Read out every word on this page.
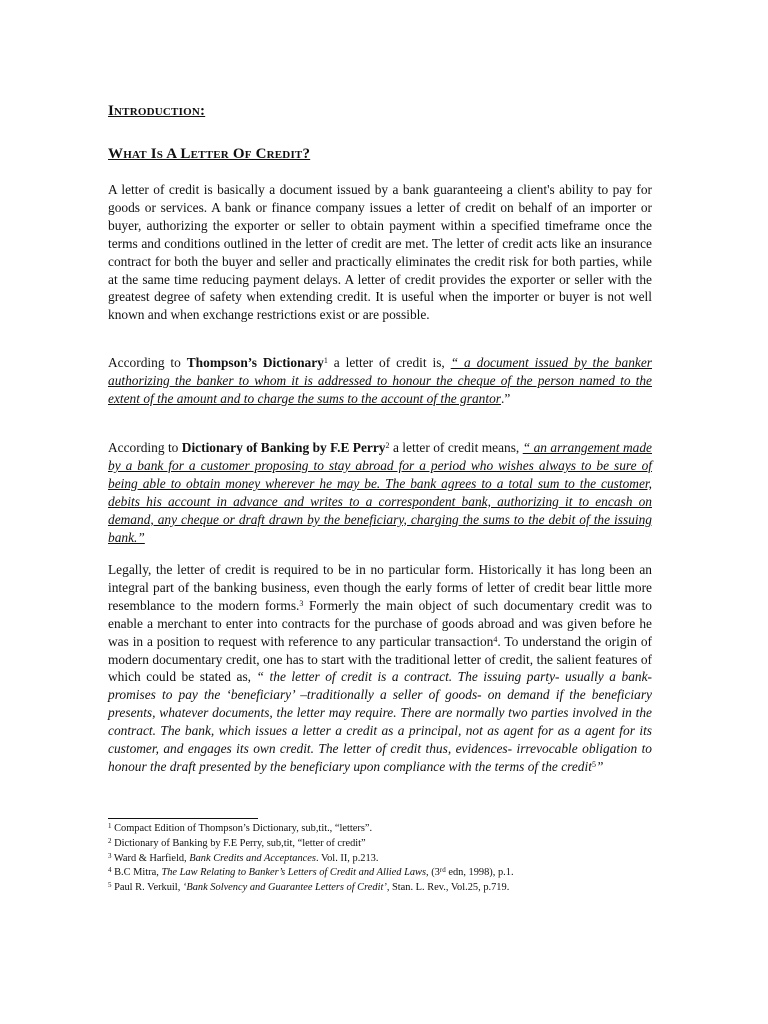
Introduction:
What Is A Letter Of Credit?

A letter of credit is basically a document issued by a bank guaranteeing a client's ability to pay for goods or services. A bank or finance company issues a letter of credit on behalf of an importer or buyer, authorizing the exporter or seller to obtain payment within a specified timeframe once the terms and conditions outlined in the letter of credit are met. The letter of credit acts like an insurance contract for both the buyer and seller and practically eliminates the credit risk for both parties, while at the same time reducing payment delays. A letter of credit provides the exporter or seller with the greatest degree of safety when extending credit. It is useful when the importer or buyer is not well known and when exchange restrictions exist or are possible.

According to Thompson’s Dictionary$^1$ a letter of credit is, “ a document issued by the banker authorizing the banker to whom it is addressed to honour the cheque of the person named to the extent of the amount and to charge the sums to the account of the grantor.”

According to Dictionary of Banking by F.E Perry$^2$ a letter of credit means, “ an arrangement made by a bank for a customer proposing to stay abroad for a period who wishes always to be sure of being able to obtain money wherever he may be. The bank agrees to a total sum to the customer, debits his account in advance and writes to a correspondent bank, authorizing it to encash on demand, any cheque or draft drawn by the beneficiary, charging the sums to the debit of the issuing bank.”

Legally, the letter of credit is required to be in no particular form. Historically it has long been an integral part of the banking business, even though the early forms of letter of credit bear little more resemblance to the modern forms.$^3$ Formerly the main object of such documentary credit was to enable a merchant to enter into contracts for the purchase of goods abroad and was given before he was in a position to request with reference to any particular transaction$^4$. To understand the origin of modern documentary credit, one has to start with the traditional letter of credit, the salient features of which could be stated as, “ the letter of credit is a contract. The issuing party- usually a bank- promises to pay the ‘beneficiary’ –traditionally a seller of goods- on demand if the beneficiary presents, whatever documents, the letter may require. There are normally two parties involved in the contract. The bank, which issues a letter a credit as a principal, not as agent for as a agent for its customer, and engages its own credit. The letter of credit thus, evidences- irrevocable obligation to honour the draft presented by the beneficiary upon compliance with the terms of the credit$^5$”

$^1$ Compact Edition of Thompson’s Dictionary, sub,tit., “letters”.

$^2$ Dictionary of Banking by F.E Perry, sub,tit, “letter of credit”

$^3$ Ward & Harfield, Bank Credits and Acceptances. Vol. II, p.213.

$^4$ B.C Mitra, The Law Relating to Banker’s Letters of Credit and Allied Laws, (3rd edn, 1998), p.1.

$^5$ Paul R. Verkuil, ‘Bank Solvency and Guarantee Letters of Credit’, Stan. L. Rev., Vol.25, p.719.
